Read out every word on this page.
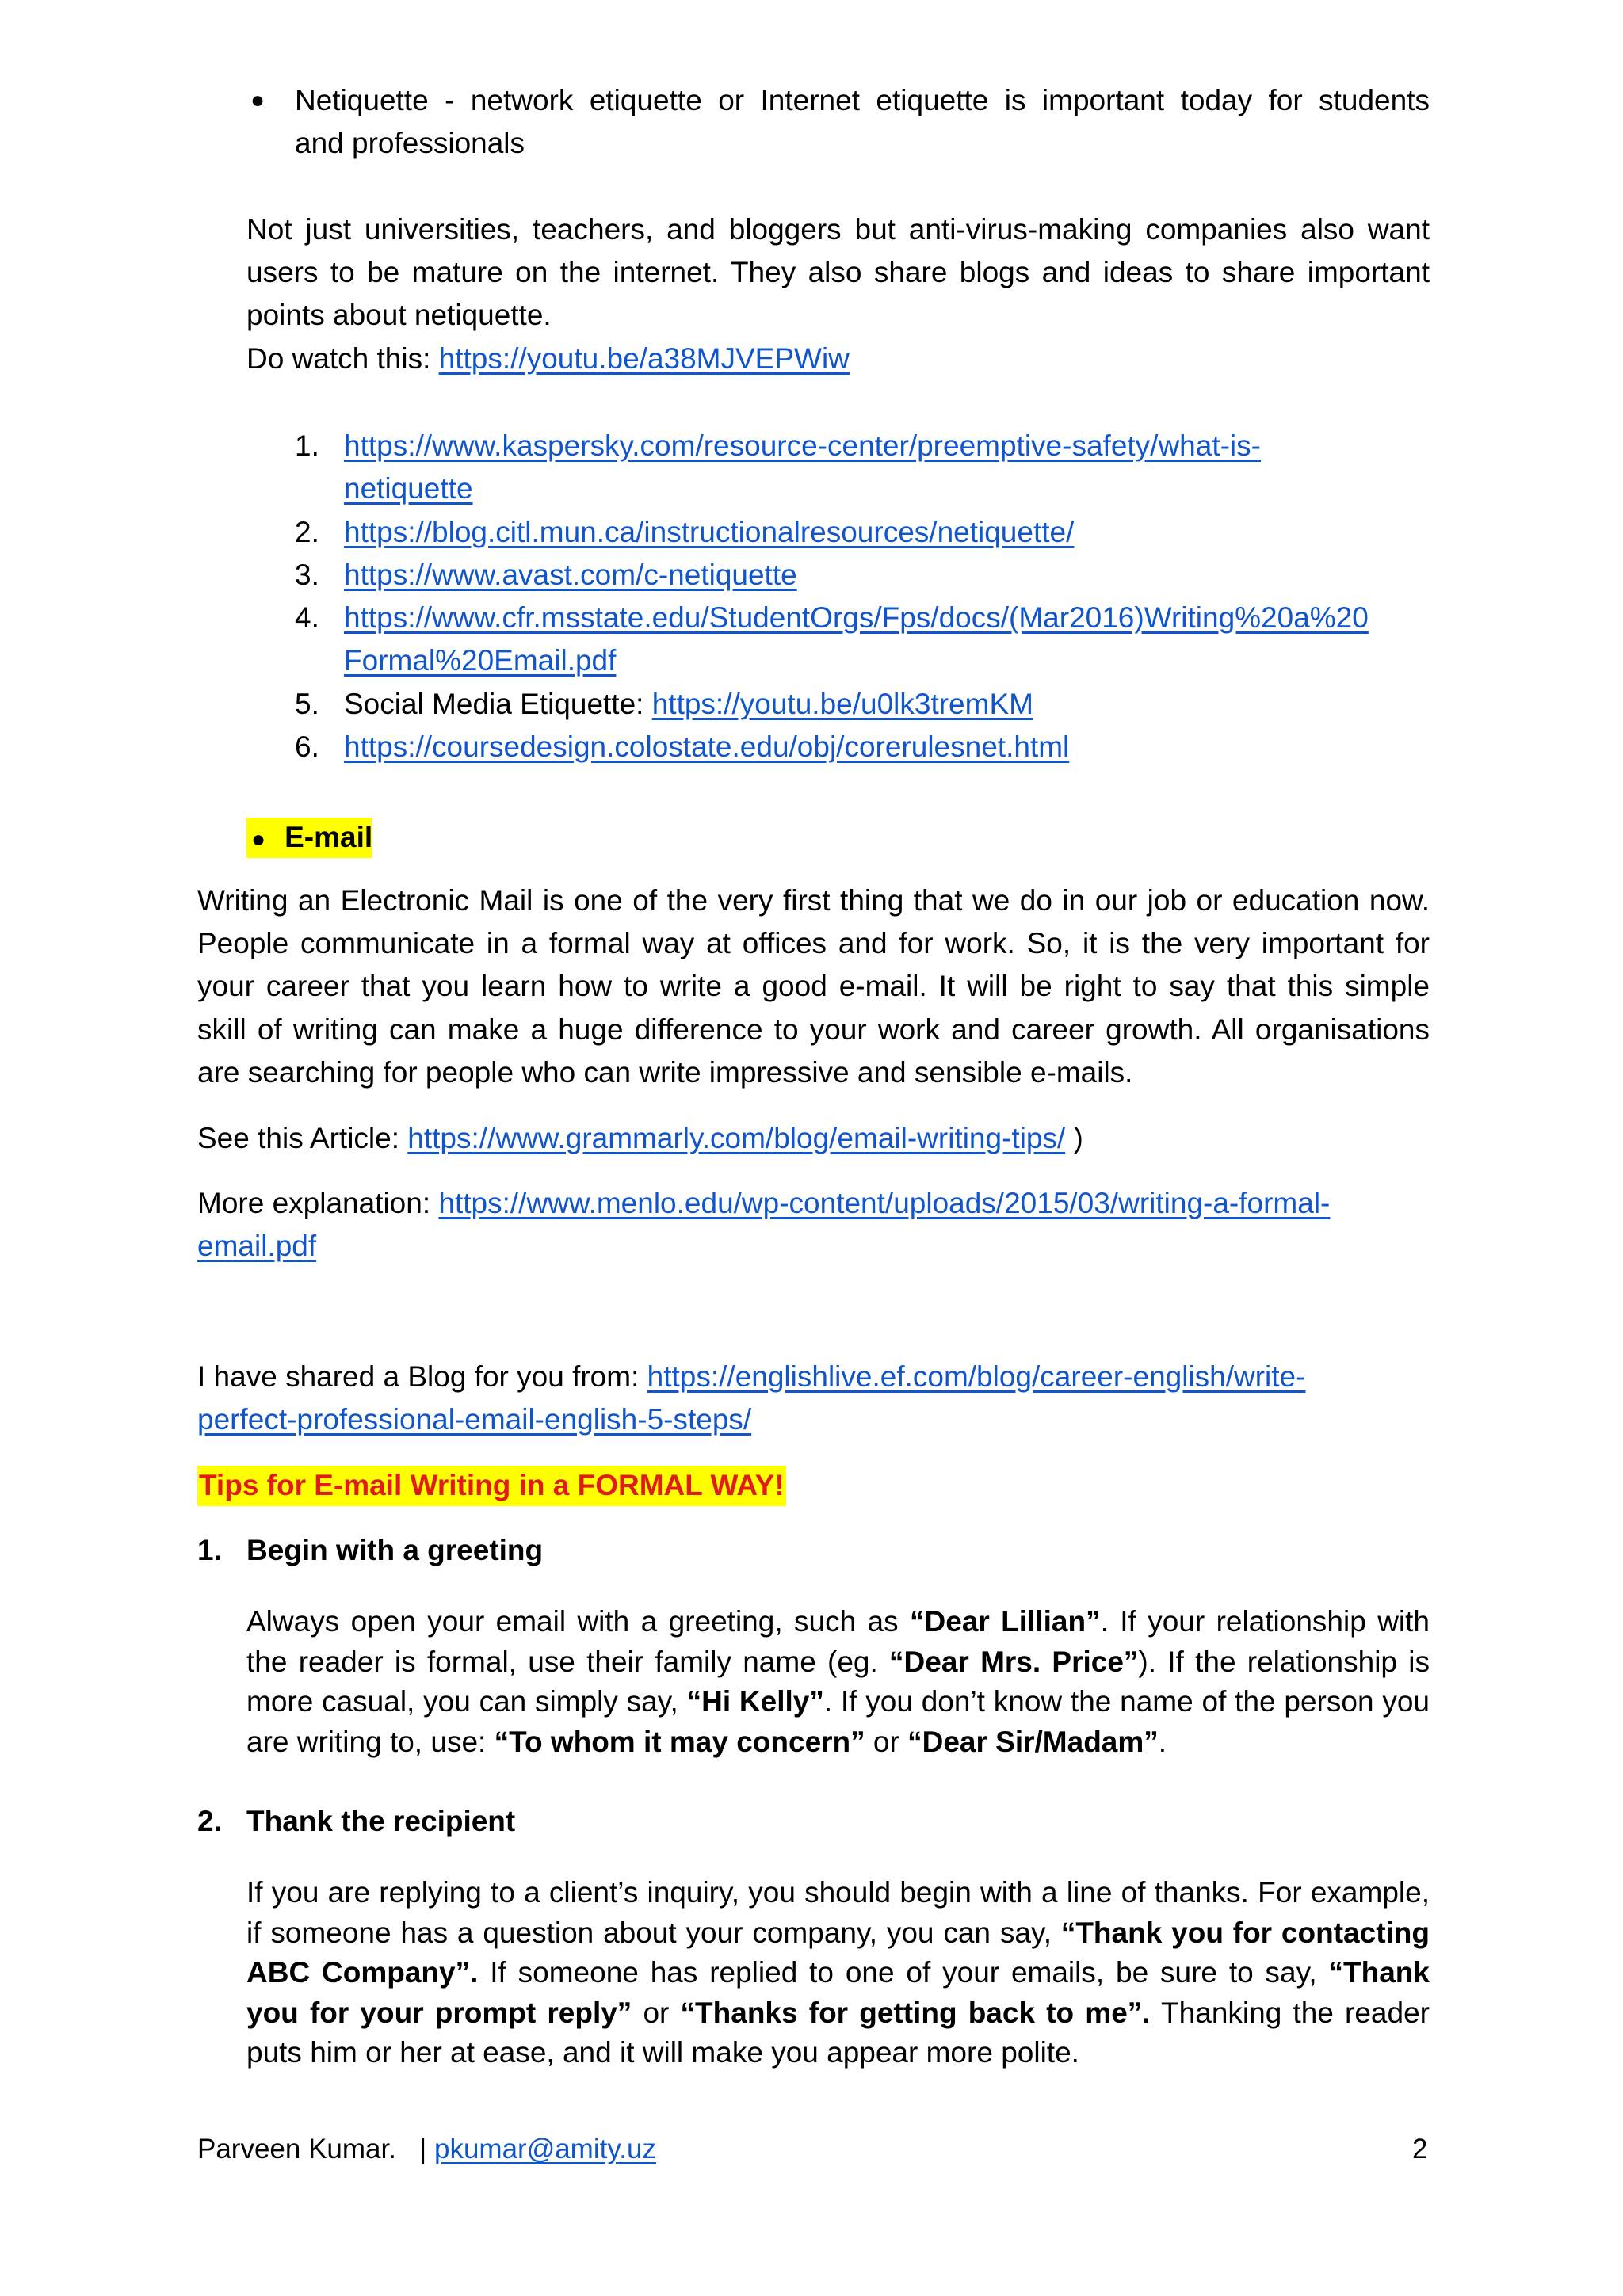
● Netiquette - network etiquette or Internet etiquette is important today for students
and professionals
Not just universities, teachers, and bloggers but anti-virus-making companies also want
users to be mature on the internet. They also share blogs and ideas to share important
points about netiquette.
Do watch this: https://youtu.be/a38MJVEPWiw
1. https://www.kaspersky.com/resource-center/preemptive-safety/what-is-
netiquette
2. https://blog.citl.mun.ca/instructionalresources/netiquette/
3. https://www.avast.com/c-netiquette
4. https://www.cfr.msstate.edu/StudentOrgs/Fps/docs/(Mar2016)Writing%20a%20
Formal%20Email.pdf
5. Social Media Etiquette: https://youtu.be/u0lk3tremKM
6. https://coursedesign.colostate.edu/obj/corerulesnet.html
● E-mail
Writing an Electronic Mail is one of the very first thing that we do in our job or education now.
People communicate in a formal way at offices and for work. So, it is the very important for
your career that you learn how to write a good e-mail. It will be right to say that this simple
skill of writing can make a huge difference to your work and career growth. All organisations
are searching for people who can write impressive and sensible e-mails.
See this Article: https://www.grammarly.com/blog/email-writing-tips/ )
More explanation: https://www.menlo.edu/wp-content/uploads/2015/03/writing-a-formal-
email.pdf
I have shared a Blog for you from: https://englishlive.ef.com/blog/career-english/write-
perfect-professional-email-english-5-steps/
Tips for E-mail Writing in a FORMAL WAY!
1. Begin with a greeting
Always open your email with a greeting, such as “Dear Lillian”. If your relationship with the reader is formal, use their family name (eg. “Dear Mrs. Price”). If the relationship is more casual, you can simply say, “Hi Kelly”. If you don’t know the name of the person you are writing to, use: “To whom it may concern” or “Dear Sir/Madam”.
2. Thank the recipient
If you are replying to a client’s inquiry, you should begin with a line of thanks. For example, if someone has a question about your company, you can say, “Thank you for contacting ABC Company”. If someone has replied to one of your emails, be sure to say, “Thank you for your prompt reply” or “Thanks for getting back to me”. Thanking the reader puts him or her at ease, and it will make you appear more polite.
Parveen Kumar. | pkumar@amity.uz	2
